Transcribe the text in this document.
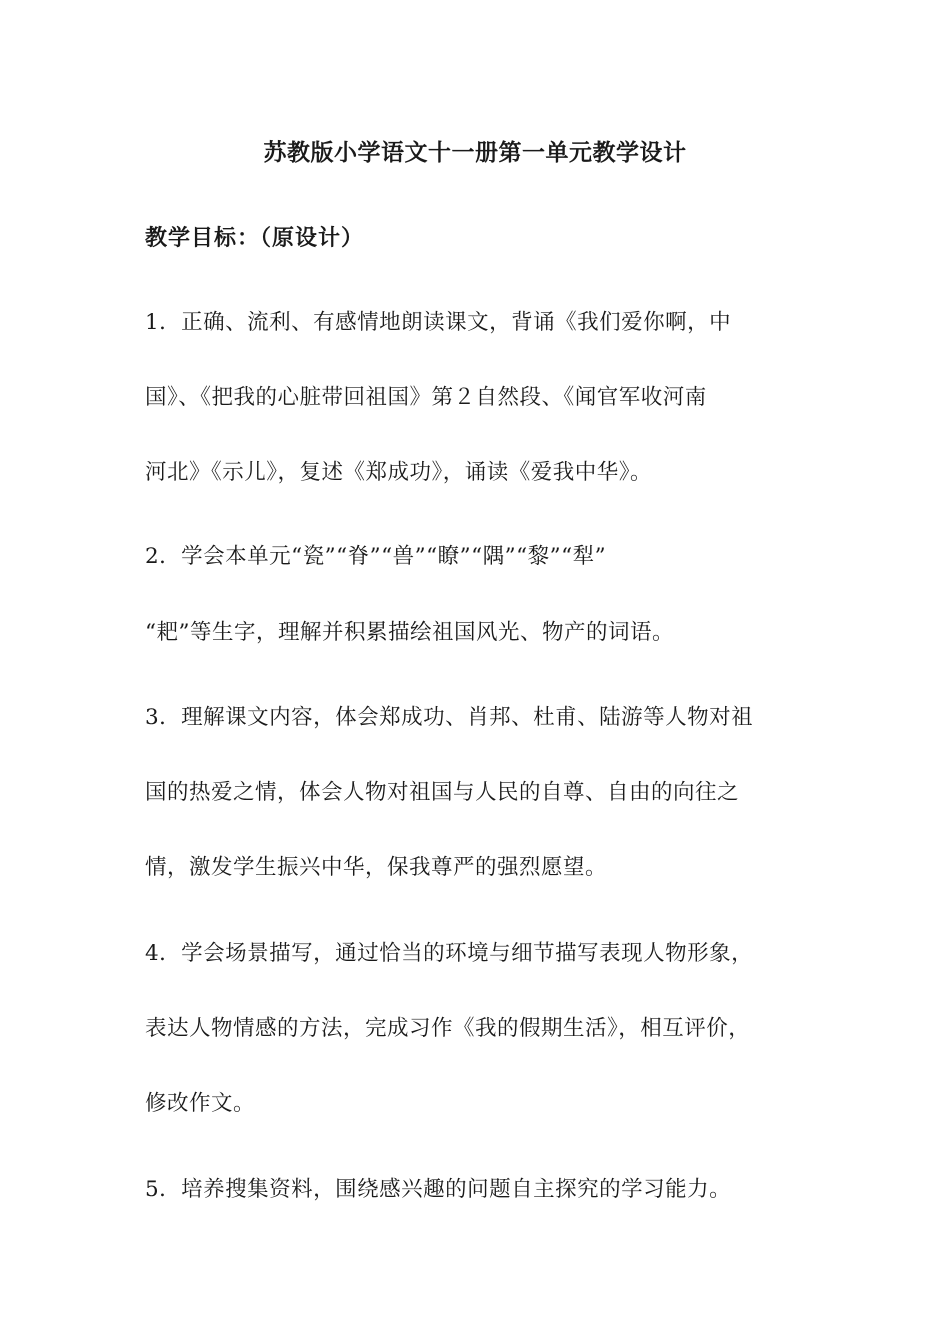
苏教版小学语文十一册第一单元教学设计
教学目标：（原设计）
1．正确、流利、有感情地朗读课文，背诵《我们爱你啊，中
国》、《把我的心脏带回祖国》第２自然段、《闻官军收河南
河北》《示儿》，复述《郑成功》，诵读《爱我中华》。
2．学会本单元“瓷”“脊”“兽”“瞭”“隅”“黎”“犁”
“耙”等生字，理解并积累描绘祖国风光、物产的词语。
3．理解课文内容，体会郑成功、肖邦、杜甫、陆游等人物对祖
国的热爱之情，体会人物对祖国与人民的自尊、自由的向往之
情，激发学生振兴中华，保我尊严的强烈愿望。
4．学会场景描写，通过恰当的环境与细节描写表现人物形象，
表达人物情感的方法，完成习作《我的假期生活》，相互评价，
修改作文。
5．培养搜集资料，围绕感兴趣的问题自主探究的学习能力。
